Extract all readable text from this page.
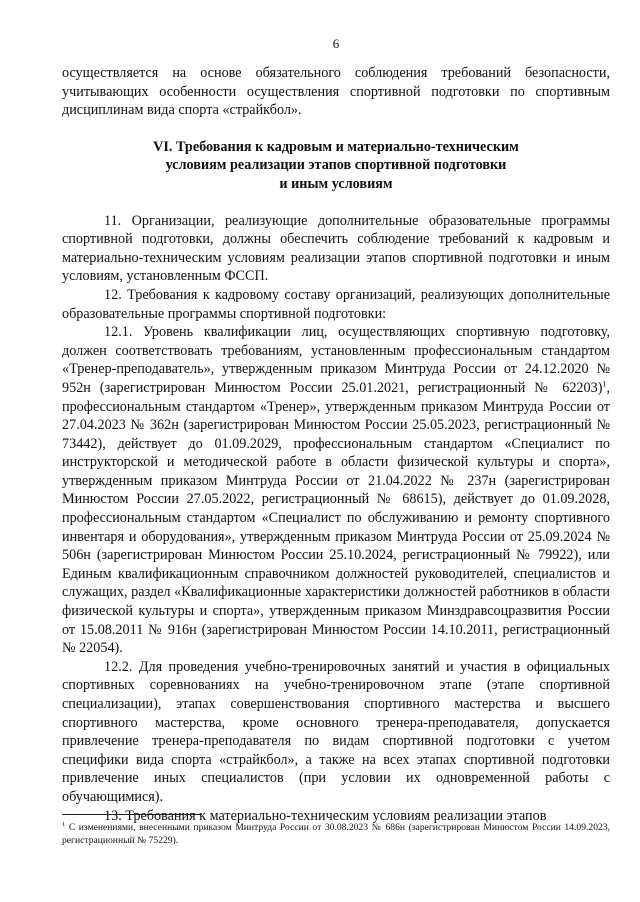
6

осуществляется на основе обязательного соблюдения требований безопасности, учитывающих особенности осуществления спортивной подготовки по спортивным дисциплинам вида спорта «страйкбол».

VI. Требования к кадровым и материально-техническим
условиям реализации этапов спортивной подготовки
и иным условиям

11. Организации, реализующие дополнительные образовательные программы спортивной подготовки, должны обеспечить соблюдение требований к кадровым и материально-техническим условиям реализации этапов спортивной подготовки и иным условиям, установленным ФССП.

12. Требования к кадровому составу организаций, реализующих дополнительные образовательные программы спортивной подготовки:

12.1. Уровень квалификации лиц, осуществляющих спортивную подготовку, должен соответствовать требованиям, установленным профессиональным стандартом «Тренер-преподаватель», утвержденным приказом Минтруда России от 24.12.2020 № 952н (зарегистрирован Минюстом России 25.01.2021, регистрационный № 62203)$^1$, профессиональным стандартом «Тренер», утвержденным приказом Минтруда России от 27.04.2023 № 362н (зарегистрирован Минюстом России 25.05.2023, регистрационный № 73442), действует до 01.09.2029, профессиональным стандартом «Специалист по инструкторской и методической работе в области физической культуры и спорта», утвержденным приказом Минтруда России от 21.04.2022 № 237н (зарегистрирован Минюстом России 27.05.2022, регистрационный № 68615), действует до 01.09.2028, профессиональным стандартом «Специалист по обслуживанию и ремонту спортивного инвентаря и оборудования», утвержденным приказом Минтруда России от 25.09.2024 № 506н (зарегистрирован Минюстом России 25.10.2024, регистрационный № 79922), или Единым квалификационным справочником должностей руководителей, специалистов и служащих, раздел «Квалификационные характеристики должностей работников в области физической культуры и спорта», утвержденным приказом Минздравсоцразвития России от 15.08.2011 № 916н (зарегистрирован Минюстом России 14.10.2011, регистрационный № 22054).

12.2. Для проведения учебно-тренировочных занятий и участия в официальных спортивных соревнованиях на учебно-тренировочном этапе (этапе спортивной специализации), этапах совершенствования спортивного мастерства и высшего спортивного мастерства, кроме основного тренера-преподавателя, допускается привлечение тренера-преподавателя по видам спортивной подготовки с учетом специфики вида спорта «страйкбол», а также на всех этапах спортивной подготовки привлечение иных специалистов (при условии их одновременной работы с обучающимися).

13. Требования к материально-техническим условиям реализации этапов

$^1$ С изменениями, внесенными приказом Минтруда России от 30.08.2023 № 686н (зарегистрирован Минюстом России 14.09.2023, регистрационный № 75229).
